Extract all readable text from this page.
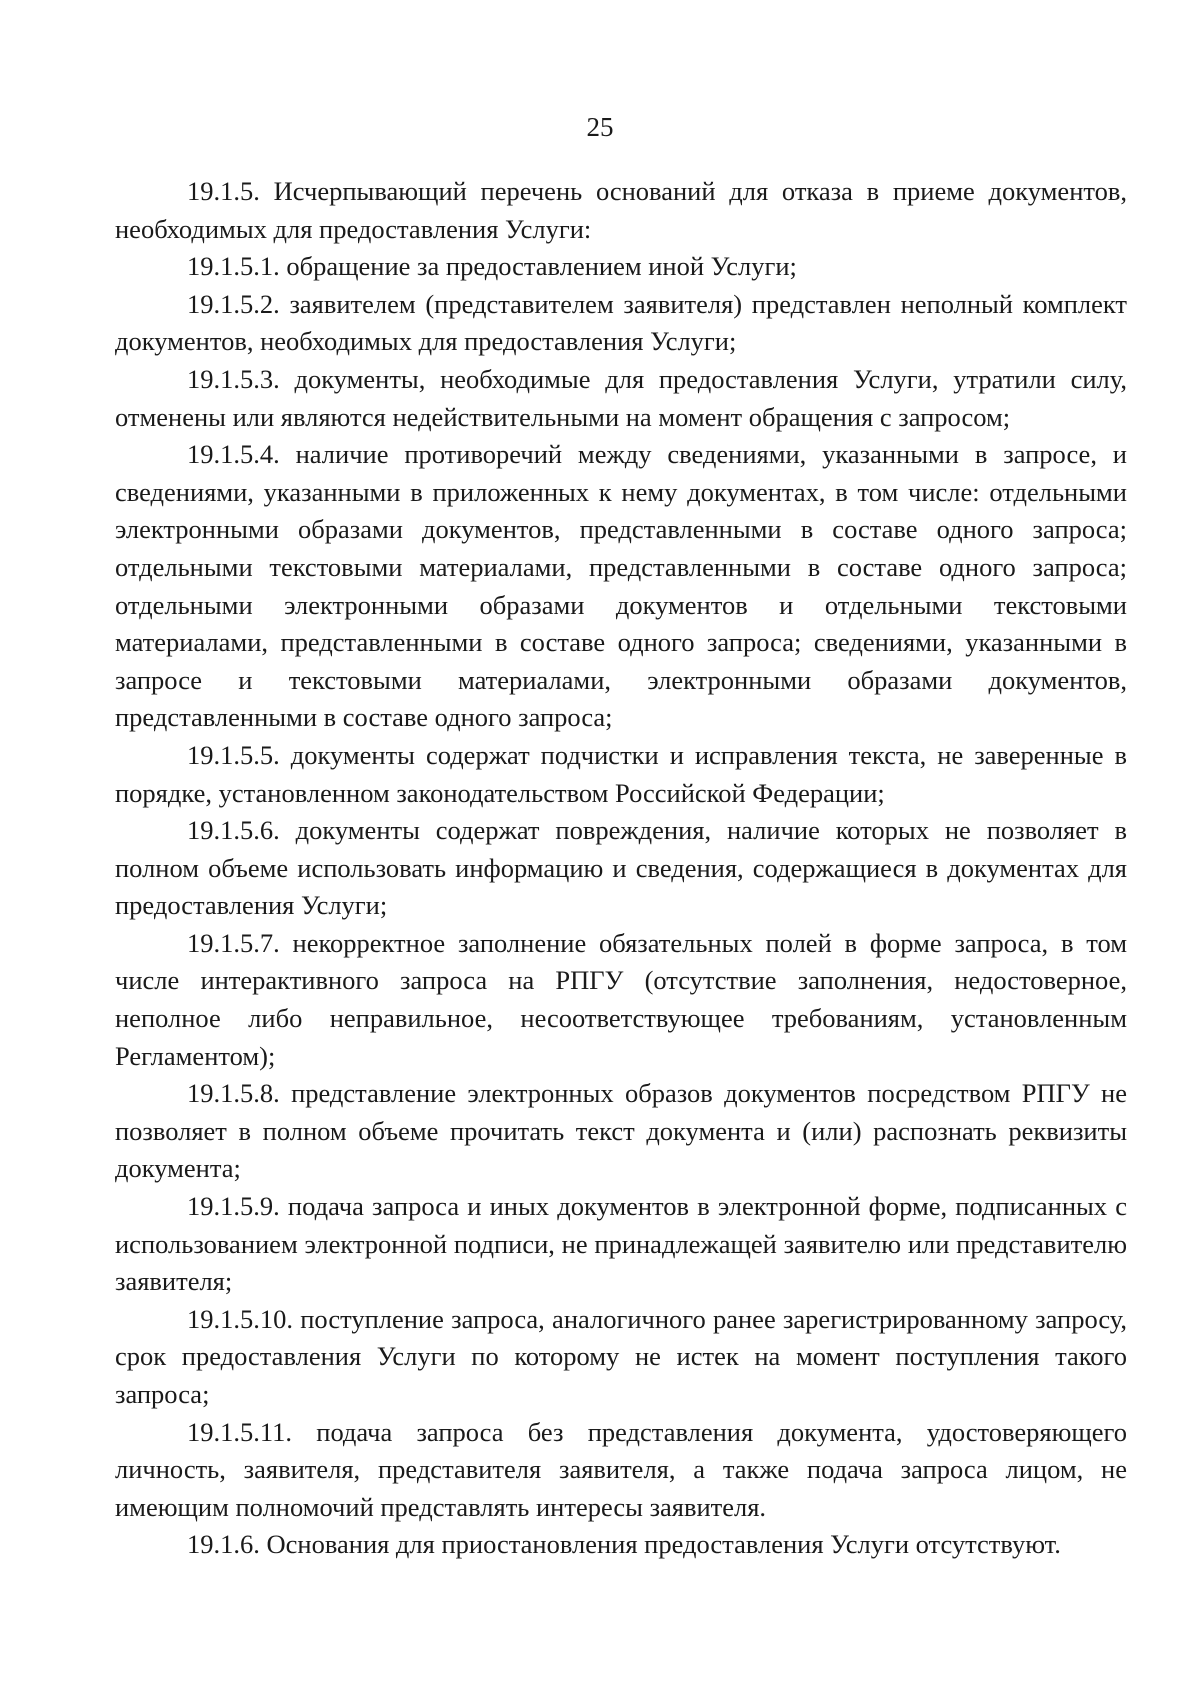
25

19.1.5. Исчерпывающий перечень оснований для отказа в приеме документов, необходимых для предоставления Услуги:

19.1.5.1. обращение за предоставлением иной Услуги;

19.1.5.2. заявителем (представителем заявителя) представлен неполный комплект документов, необходимых для предоставления Услуги;

19.1.5.3. документы, необходимые для предоставления Услуги, утратили силу, отменены или являются недействительными на момент обращения с запросом;

19.1.5.4. наличие противоречий между сведениями, указанными в запросе, и сведениями, указанными в приложенных к нему документах, в том числе: отдельными электронными образами документов, представленными в составе одного запроса; отдельными текстовыми материалами, представленными в составе одного запроса; отдельными электронными образами документов и отдельными текстовыми материалами, представленными в составе одного запроса; сведениями, указанными в запросе и текстовыми материалами, электронными образами документов, представленными в составе одного запроса;

19.1.5.5. документы содержат подчистки и исправления текста, не заверенные в порядке, установленном законодательством Российской Федерации;

19.1.5.6. документы содержат повреждения, наличие которых не позволяет в полном объеме использовать информацию и сведения, содержащиеся в документах для предоставления Услуги;

19.1.5.7. некорректное заполнение обязательных полей в форме запроса, в том числе интерактивного запроса на РПГУ (отсутствие заполнения, недостоверное, неполное либо неправильное, несоответствующее требованиям, установленным Регламентом);

19.1.5.8. представление электронных образов документов посредством РПГУ не позволяет в полном объеме прочитать текст документа и (или) распознать реквизиты документа;

19.1.5.9. подача запроса и иных документов в электронной форме, подписанных с использованием электронной подписи, не принадлежащей заявителю или представителю заявителя;

19.1.5.10. поступление запроса, аналогичного ранее зарегистрированному запросу, срок предоставления Услуги по которому не истек на момент поступления такого запроса;

19.1.5.11. подача запроса без представления документа, удостоверяющего личность, заявителя, представителя заявителя, а также подача запроса лицом, не имеющим полномочий представлять интересы заявителя.

19.1.6. Основания для приостановления предоставления Услуги отсутствуют.
